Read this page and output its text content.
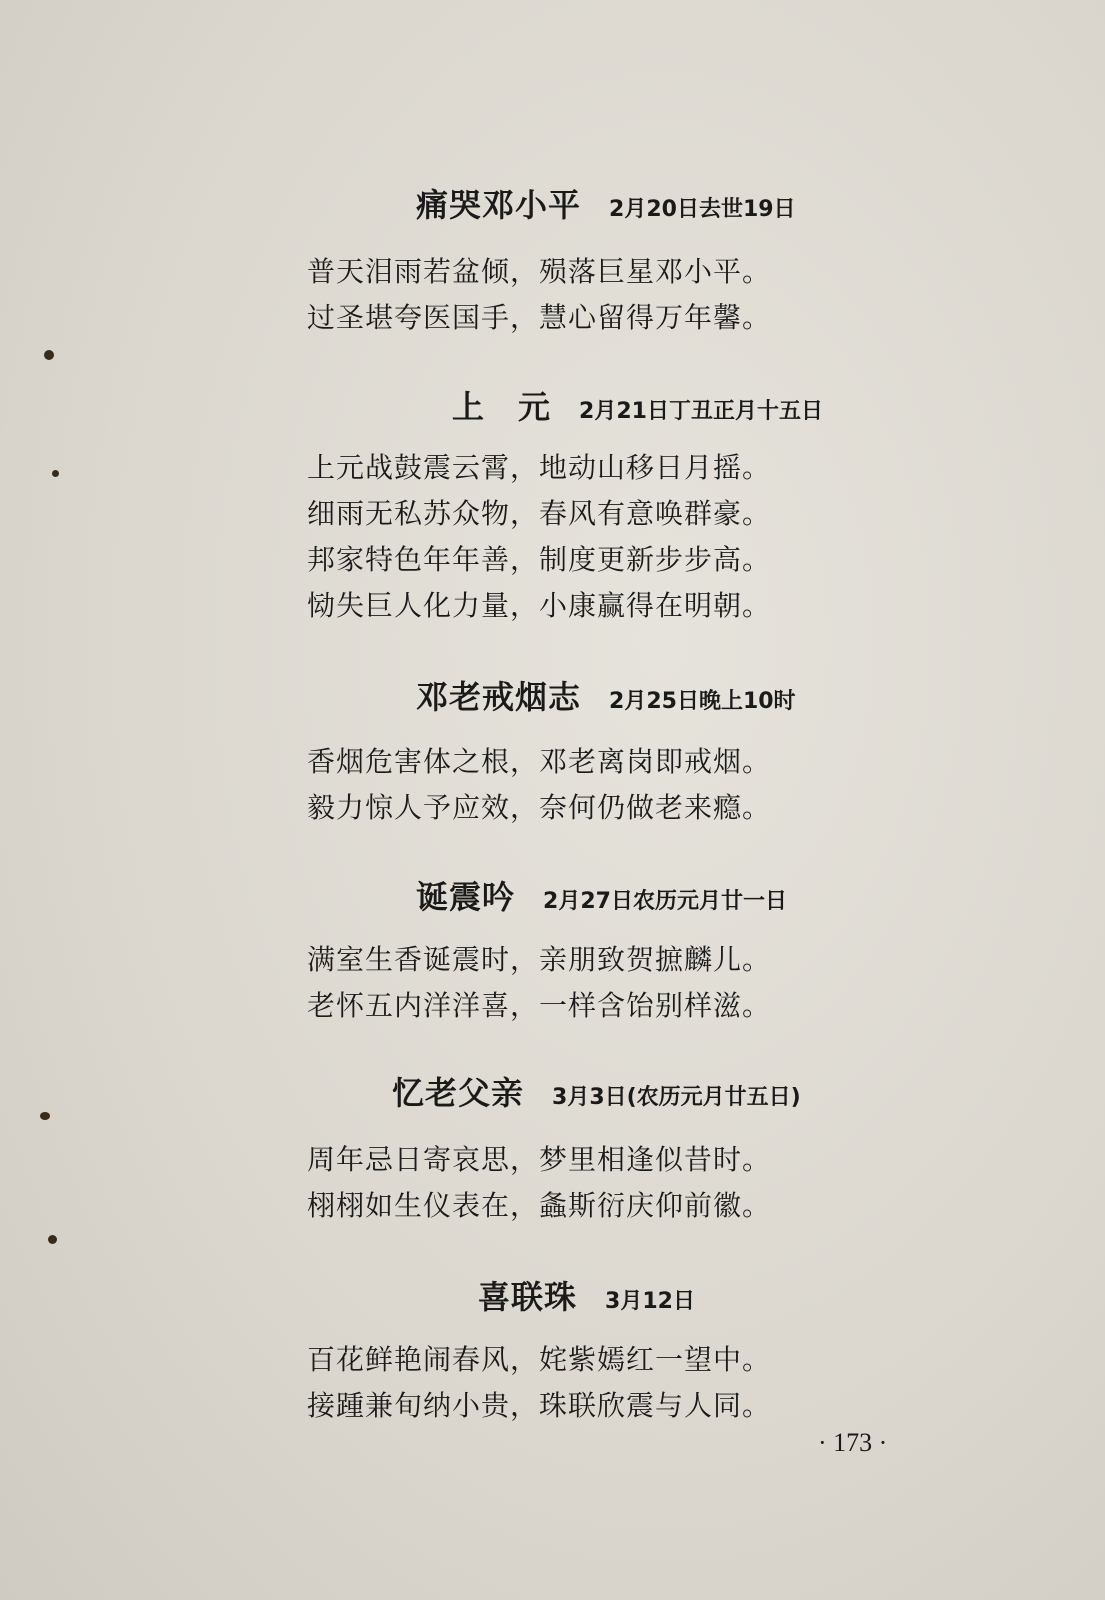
痛哭邓小平 2月20日去世19日
普天泪雨若盆倾，殒落巨星邓小平。
过圣堪夸医国手，慧心留得万年馨。
上　元 2月21日丁丑正月十五日
上元战鼓震云霄，地动山移日月摇。
细雨无私苏众物，春风有意唤群豪。
邦家特色年年善，制度更新步步高。
恸失巨人化力量，小康赢得在明朝。
邓老戒烟志 2月25日晚上10时
香烟危害体之根，邓老离岗即戒烟。
毅力惊人予应效，奈何仍做老来瘾。
诞震吟 2月27日农历元月廿一日
满室生香诞震时，亲朋致贺摭麟儿。
老怀五内洋洋喜，一样含饴别样滋。
忆老父亲 3月3日(农历元月廿五日)
周年忌日寄哀思，梦里相逢似昔时。
栩栩如生仪表在，螽斯衍庆仰前徽。
喜联珠 3月12日
百花鲜艳闹春风，姹紫嫣红一望中。
接踵兼旬纳小贵，珠联欣震与人同。
· 173 ·
